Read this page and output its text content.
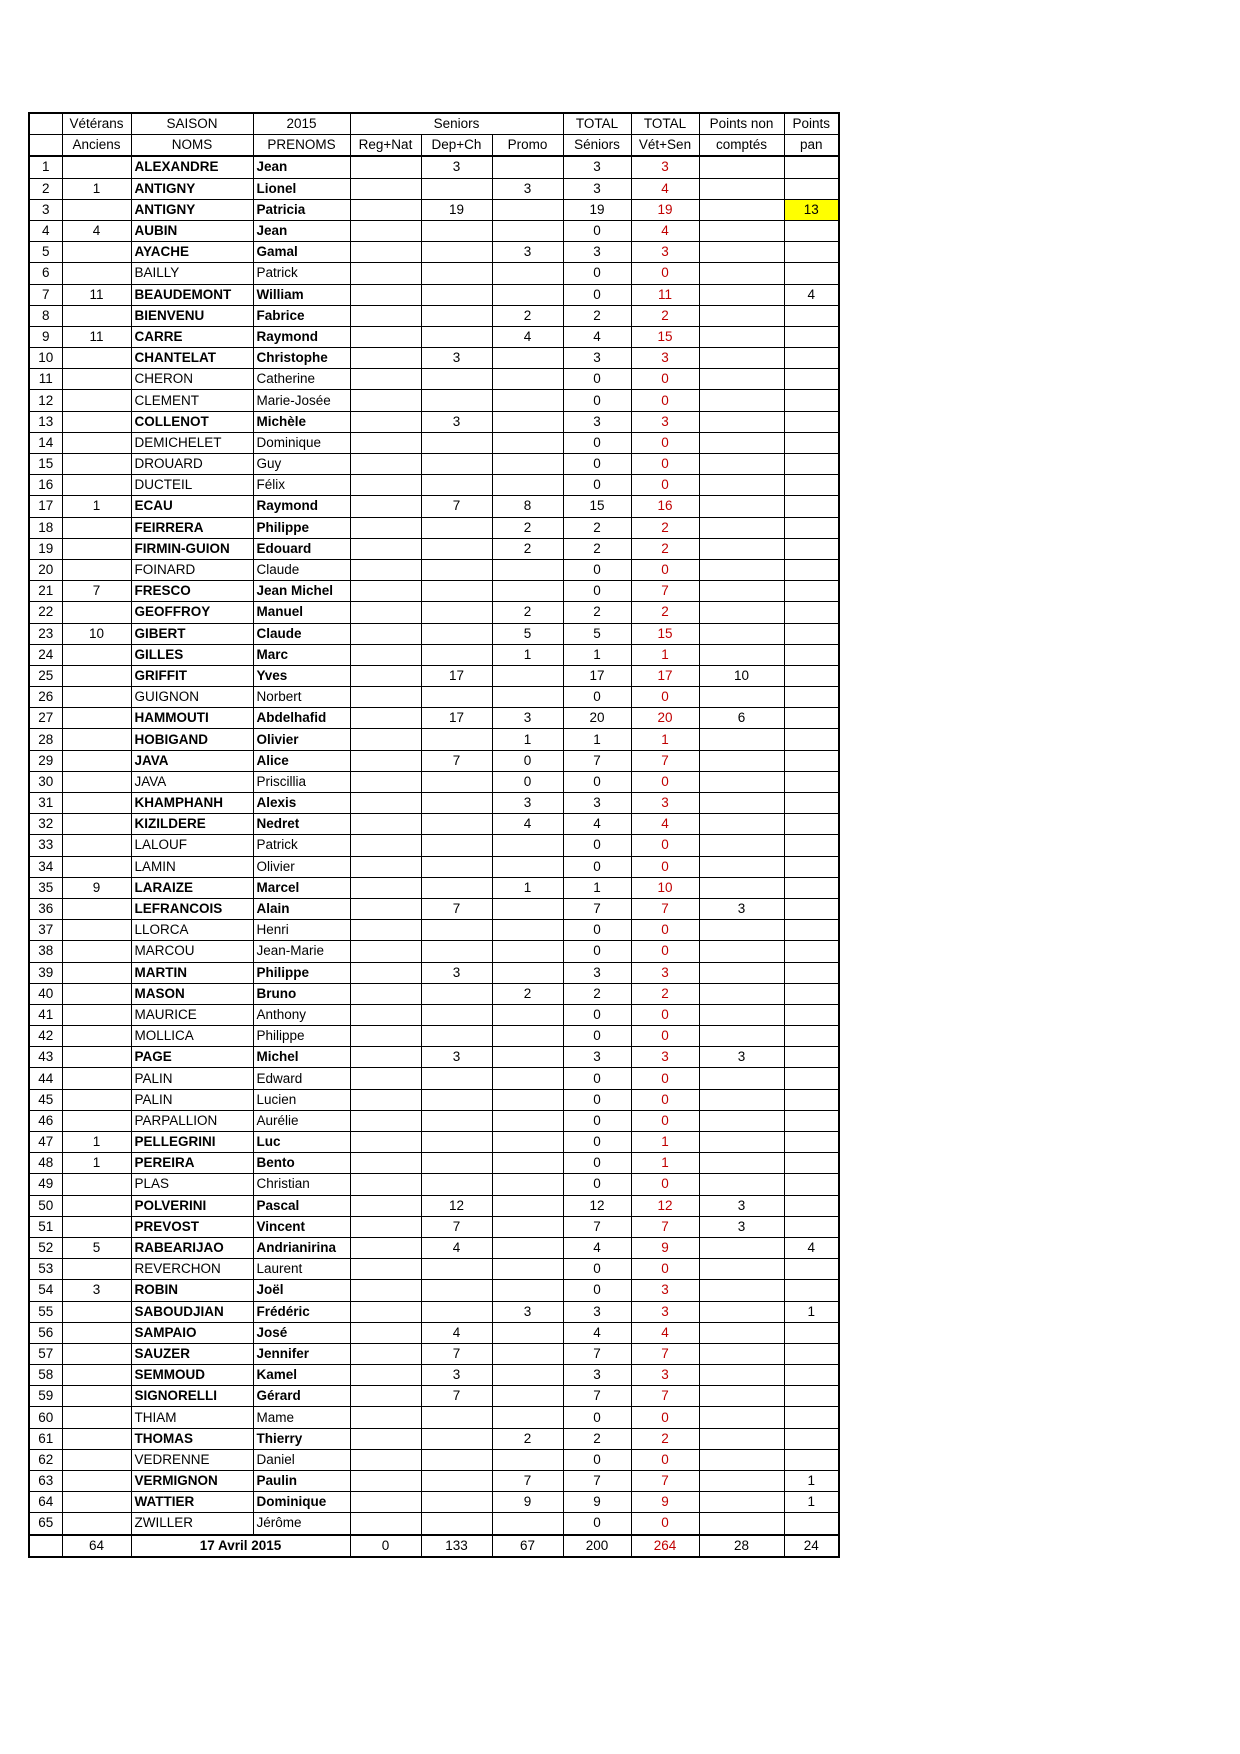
	Vétérans	SAISON	2015	Seniors			TOTAL	TOTAL	Points non	Points
	Anciens	NOMS	PRENOMS	Reg+Nat	Dep+Ch	Promo	Séniors	Vét+Sen	comptés	pan
1		ALEXANDRE	Jean		3		3	3		
2	1	ANTIGNY	Lionel			3	3	4		
3		ANTIGNY	Patricia		19		19	19		13
4	4	AUBIN	Jean				0	4		
5		AYACHE	Gamal			3	3	3		
6		BAILLY	Patrick				0	0		
7	11	BEAUDEMONT	William				0	11		4
8		BIENVENU	Fabrice			2	2	2		
9	11	CARRE	Raymond			4	4	15		
10		CHANTELAT	Christophe		3		3	3		
11		CHERON	Catherine				0	0		
12		CLEMENT	Marie-Josée				0	0		
13		COLLENOT	Michèle		3		3	3		
14		DEMICHELET	Dominique				0	0		
15		DROUARD	Guy				0	0		
16		DUCTEIL	Félix				0	0		
17	1	ECAU	Raymond		7	8	15	16		
18		FEIRRERA	Philippe			2	2	2		
19		FIRMIN-GUION	Edouard			2	2	2		
20		FOINARD	Claude				0	0		
21	7	FRESCO	Jean Michel				0	7		
22		GEOFFROY	Manuel			2	2	2		
23	10	GIBERT	Claude			5	5	15		
24		GILLES	Marc			1	1	1		
25		GRIFFIT	Yves		17		17	17	10	
26		GUIGNON	Norbert				0	0		
27		HAMMOUTI	Abdelhafid		17	3	20	20	6	
28		HOBIGAND	Olivier			1	1	1		
29		JAVA	Alice		7	0	7	7		
30		JAVA	Priscillia			0	0	0		
31		KHAMPHANH	Alexis			3	3	3		
32		KIZILDERE	Nedret			4	4	4		
33		LALOUF	Patrick				0	0		
34		LAMIN	Olivier				0	0		
35	9	LARAIZE	Marcel			1	1	10		
36		LEFRANCOIS	Alain		7		7	7	3	
37		LLORCA	Henri				0	0		
38		MARCOU	Jean-Marie				0	0		
39		MARTIN	Philippe		3		3	3		
40		MASON	Bruno			2	2	2		
41		MAURICE	Anthony				0	0		
42		MOLLICA	Philippe				0	0		
43		PAGE	Michel		3		3	3	3	
44		PALIN	Edward				0	0		
45		PALIN	Lucien				0	0		
46		PARPALLION	Aurélie				0	0		
47	1	PELLEGRINI	Luc				0	1		
48	1	PEREIRA	Bento				0	1		
49		PLAS	Christian				0	0		
50		POLVERINI	Pascal		12		12	12	3	
51		PREVOST	Vincent		7		7	7	3	
52	5	RABEARIJAO	Andrianirina		4		4	9		4
53		REVERCHON	Laurent				0	0		
54	3	ROBIN	Joël				0	3		
55		SABOUDJIAN	Frédéric			3	3	3		1
56		SAMPAIO	José		4		4	4		
57		SAUZER	Jennifer		7		7	7		
58		SEMMOUD	Kamel		3		3	3		
59		SIGNORELLI	Gérard		7		7	7		
60		THIAM	Mame				0	0		
61		THOMAS	Thierry			2	2	2		
62		VEDRENNE	Daniel				0	0		
63		VERMIGNON	Paulin			7	7	7		1
64		WATTIER	Dominique			9	9	9		1
65		ZWILLER	Jérôme				0	0		
	64	17 Avril 2015		0	133	67	200	264	28	24
